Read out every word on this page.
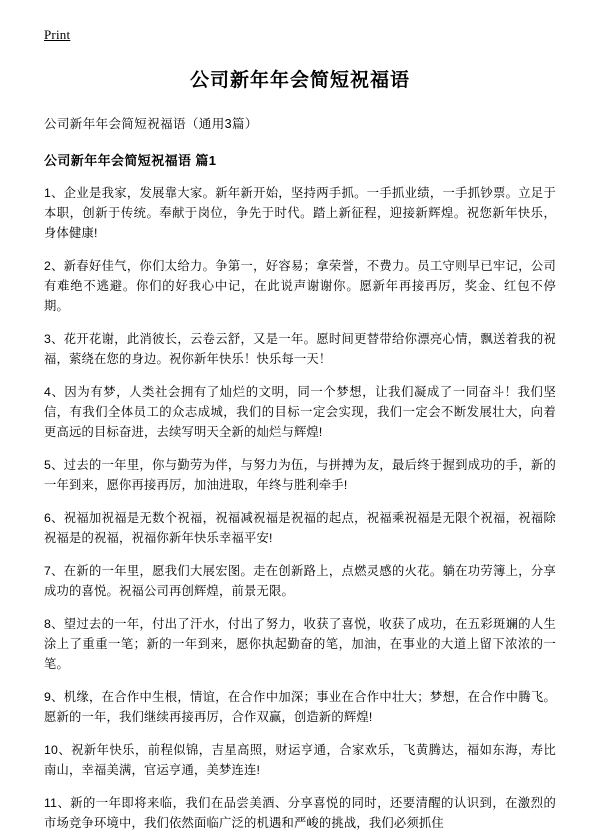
Print
公司新年年会简短祝福语

公司新年年会简短祝福语（通用3篇）

公司新年年会简短祝福语 篇1

1、企业是我家，发展靠大家。新年新开始，坚持两手抓。一手抓业绩，一手抓钞票。立足于本职，创新于传统。奉献于岗位，争先于时代。踏上新征程，迎接新辉煌。祝您新年快乐，身体健康!

2、新春好佳气，你们太给力。争第一，好容易；拿荣誉，不费力。员工守则早已牢记，公司有难绝不逃避。你们的好我心中记，在此说声谢谢你。愿新年再接再厉，奖金、红包不停期。

3、花开花谢，此消彼长，云卷云舒，又是一年。愿时间更替带给你漂亮心情，飘送着我的祝福，萦绕在您的身边。祝你新年快乐！快乐每一天！

4、因为有梦，人类社会拥有了灿烂的文明，同一个梦想，让我们凝成了一同奋斗！我们坚信，有我们全体员工的众志成城，我们的目标一定会实现，我们一定会不断发展壮大，向着更高远的目标奋进，去续写明天全新的灿烂与辉煌!

5、过去的一年里，你与勤劳为伴，与努力为伍，与拼搏为友，最后终于握到成功的手，新的一年到来，愿你再接再厉，加油进取，年终与胜利牵手!

6、祝福加祝福是无数个祝福，祝福减祝福是祝福的起点，祝福乘祝福是无限个祝福，祝福除祝福是的祝福，祝福你新年快乐幸福平安!

7、在新的一年里，愿我们大展宏图。走在创新路上，点燃灵感的火花。躺在功劳簿上，分享成功的喜悦。祝福公司再创辉煌，前景无限。

8、望过去的一年，付出了汗水，付出了努力，收获了喜悦，收获了成功，在五彩斑斓的人生涂上了重重一笔；新的一年到来，愿你执起勤奋的笔，加油，在事业的大道上留下浓浓的一笔。

9、机缘，在合作中生根，情谊，在合作中加深；事业在合作中壮大；梦想，在合作中腾飞。愿新的一年，我们继续再接再厉，合作双赢，创造新的辉煌!

10、祝新年快乐，前程似锦，吉星高照，财运亨通，合家欢乐，飞黄腾达，福如东海，寿比南山，幸福美满，官运亨通，美梦连连!

11、新的一年即将来临，我们在品尝美酒、分享喜悦的同时，还要清醒的认识到，在激烈的市场竞争环境中，我们依然面临广泛的机遇和严峻的挑战，我们必须抓住
